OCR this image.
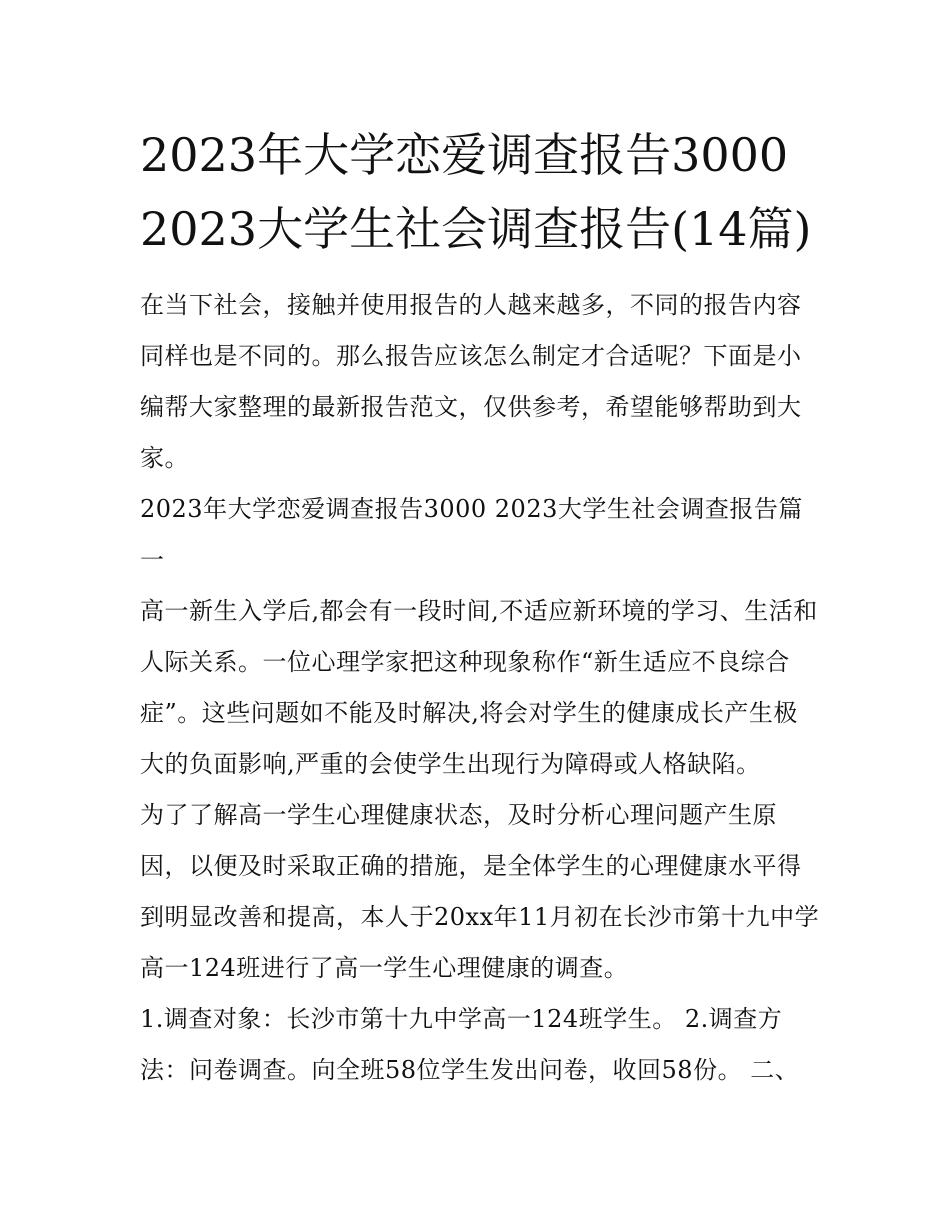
2023年大学恋爱调查报告3000 2023大学生社会调查报告(14篇)

在当下社会，接触并使用报告的人越来越多，不同的报告内容同样也是不同的。那么报告应该怎么制定才合适呢？下面是小编帮大家整理的最新报告范文，仅供参考，希望能够帮助到大家。

2023年大学恋爱调查报告3000 2023大学生社会调查报告篇一

高一新生入学后,都会有一段时间,不适应新环境的学习、生活和人际关系。一位心理学家把这种现象称作“新生适应不良综合症”。这些问题如不能及时解决,将会对学生的健康成长产生极大的负面影响,严重的会使学生出现行为障碍或人格缺陷。

为了了解高一学生心理健康状态，及时分析心理问题产生原因，以便及时采取正确的措施，是全体学生的心理健康水平得到明显改善和提高，本人于20xx年11月初在长沙市第十九中学高一124班进行了高一学生心理健康的调查。

1.调查对象：长沙市第十九中学高一124班学生。 2.调查方法：问卷调查。向全班58位学生发出问卷，收回58份。 二、
